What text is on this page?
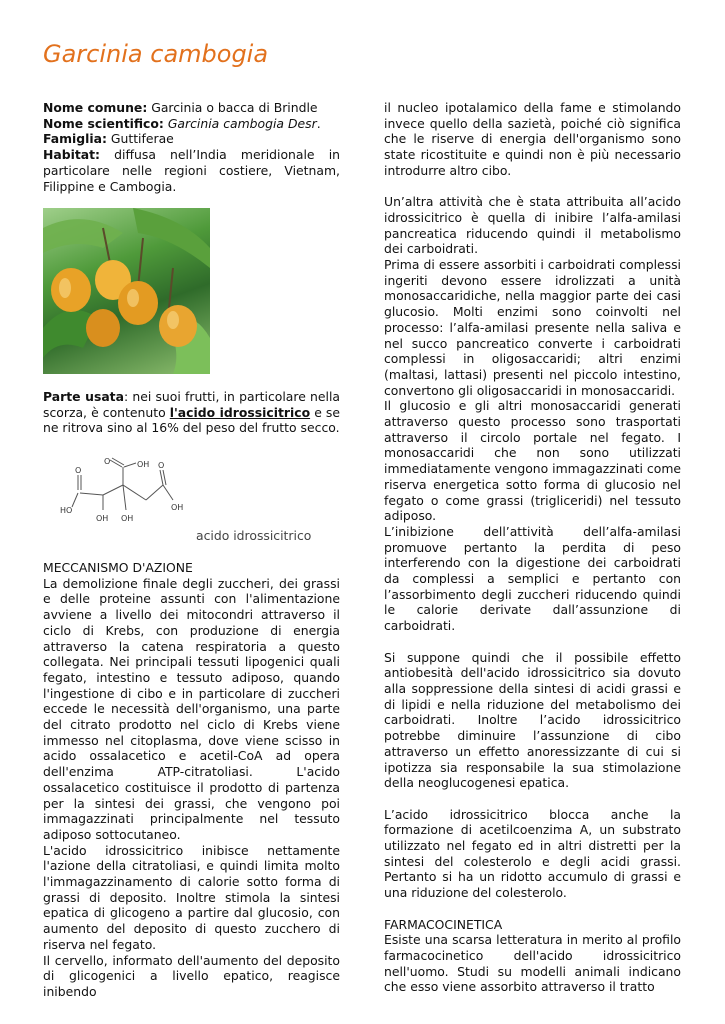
Garcinia cambogia
Nome comune: Garcinia o bacca di Brindle
Nome scientifico: Garcinia cambogia Desr.
Famiglia: Guttiferae

Habitat: diffusa nell’India meridionale in particolare nelle regioni costiere, Vietnam, Filippine e Cambogia.

Parte usata: nei suoi frutti, in particolare nella scorza, è contenuto l'acido idrossicitrico e se ne ritrova sino al 16% del peso del frutto secco.

O
O	OH O
HO
OH OH
OH
acido idrossicitrico
MECCANISMO D'AZIONE

La demolizione finale degli zuccheri, dei grassi e delle proteine assunti con l'alimentazione avviene a livello dei mitocondri attraverso il ciclo di Krebs, con produzione di energia attraverso la catena respiratoria a questo collegata. Nei principali tessuti lipogenici quali fegato, intestino e tessuto adiposo, quando l'ingestione di cibo e in particolare di zuccheri eccede le necessità dell'organismo, una parte del citrato prodotto nel ciclo di Krebs viene immesso nel citoplasma, dove viene scisso in acido ossalacetico e acetil-CoA ad opera dell'enzima ATP-citratoliasi. L'acido ossalacetico costituisce il prodotto di partenza per la sintesi dei grassi, che vengono poi immagazzinati principalmente nel tessuto adiposo sottocutaneo.

L'acido idrossicitrico inibisce nettamente l'azione della citratoliasi, e quindi limita molto l'immagazzinamento di calorie sotto forma di grassi di deposito. Inoltre stimola la sintesi epatica di glicogeno a partire dal glucosio, con aumento del deposito di questo zucchero di riserva nel fegato.

Il cervello, informato dell'aumento del deposito di glicogenici a livello epatico, reagisce inibendo

il nucleo ipotalamico della fame e stimolando invece quello della sazietà, poiché ciò significa che le riserve di energia dell'organismo sono state ricostituite e quindi non è più necessario introdurre altro cibo.

Un’altra attività che è stata attribuita all’acido idrossicitrico è quella di inibire l’alfa-amilasi pancreatica riducendo quindi il metabolismo dei carboidrati.

Prima di essere assorbiti i carboidrati complessi ingeriti devono essere idrolizzati a unità monosaccaridiche, nella maggior parte dei casi glucosio. Molti enzimi sono coinvolti nel processo: l’alfa-amilasi presente nella saliva e nel succo pancreatico converte i carboidrati complessi in oligosaccaridi; altri enzimi (maltasi, lattasi) presenti nel piccolo intestino, convertono gli oligosaccaridi in monosaccaridi.

Il glucosio e gli altri monosaccaridi generati attraverso questo processo sono trasportati attraverso il circolo portale nel fegato. I monosaccaridi che non sono utilizzati immediatamente vengono immagazzinati come riserva energetica sotto forma di glucosio nel fegato o come grassi (trigliceridi) nel tessuto adiposo.

L’inibizione dell’attività dell’alfa-amilasi promuove pertanto la perdita di peso interferendo con la digestione dei carboidrati da complessi a semplici e pertanto con l’assorbimento degli zuccheri riducendo quindi le calorie derivate dall’assunzione di carboidrati.

Si suppone quindi che il possibile effetto antiobesità dell'acido idrossicitrico sia dovuto alla soppressione della sintesi di acidi grassi e di lipidi e nella riduzione del metabolismo dei carboidrati. Inoltre l’acido idrossicitrico potrebbe diminuire l’assunzione di cibo attraverso un effetto anoressizzante di cui si ipotizza sia responsabile la sua stimolazione della neoglucogenesi epatica.

L’acido idrossicitrico blocca anche la formazione di acetilcoenzima A, un substrato utilizzato nel fegato ed in altri distretti per la sintesi del colesterolo e degli acidi grassi. Pertanto si ha un ridotto accumulo di grassi e una riduzione del colesterolo.

FARMACOCINETICA

Esiste una scarsa letteratura in merito al profilo farmacocinetico dell'acido idrossicitrico nell'uomo. Studi su modelli animali indicano che esso viene assorbito attraverso il tratto
